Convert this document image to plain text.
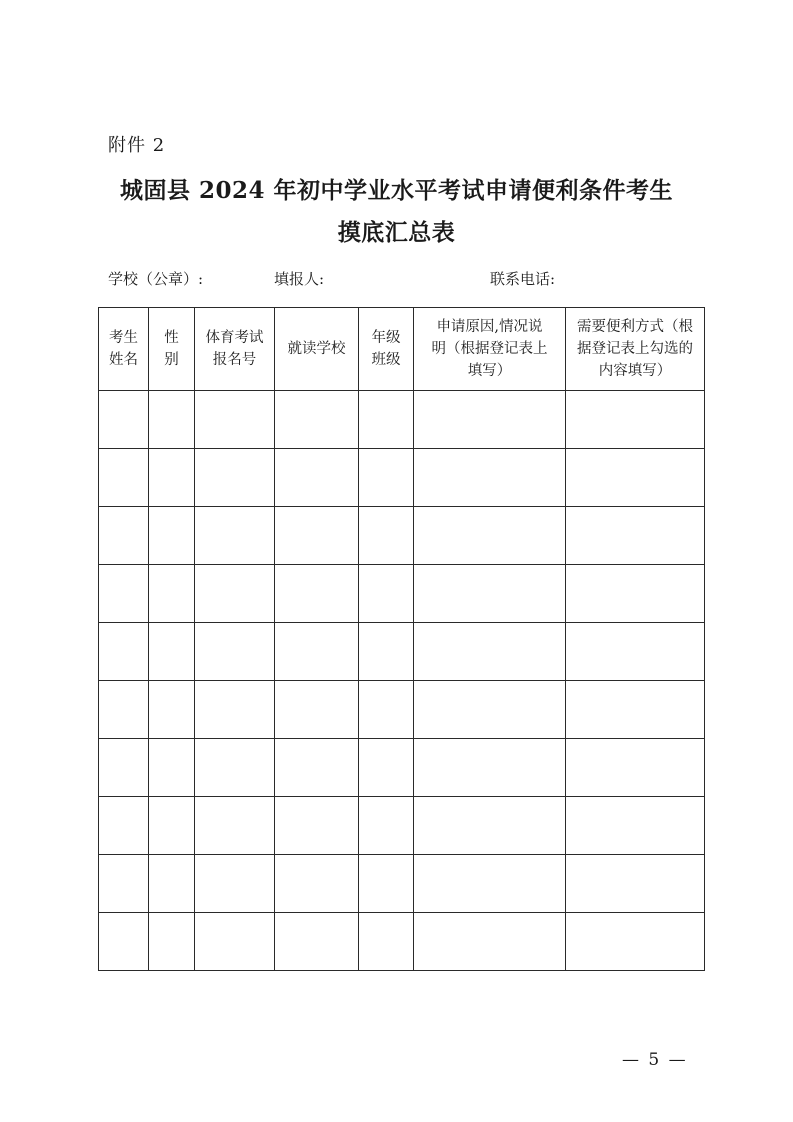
附件 2
城固县 2024 年初中学业水平考试申请便利条件考生
摸底汇总表
学校（公章）:	填报人:	联系电话:
考生姓名	性别	体育考试报名号	就读学校	年级班级	申请原因,情况说明（根据登记表上填写）	需要便利方式（根据登记表上勾选的内容填写）

— 5 —
